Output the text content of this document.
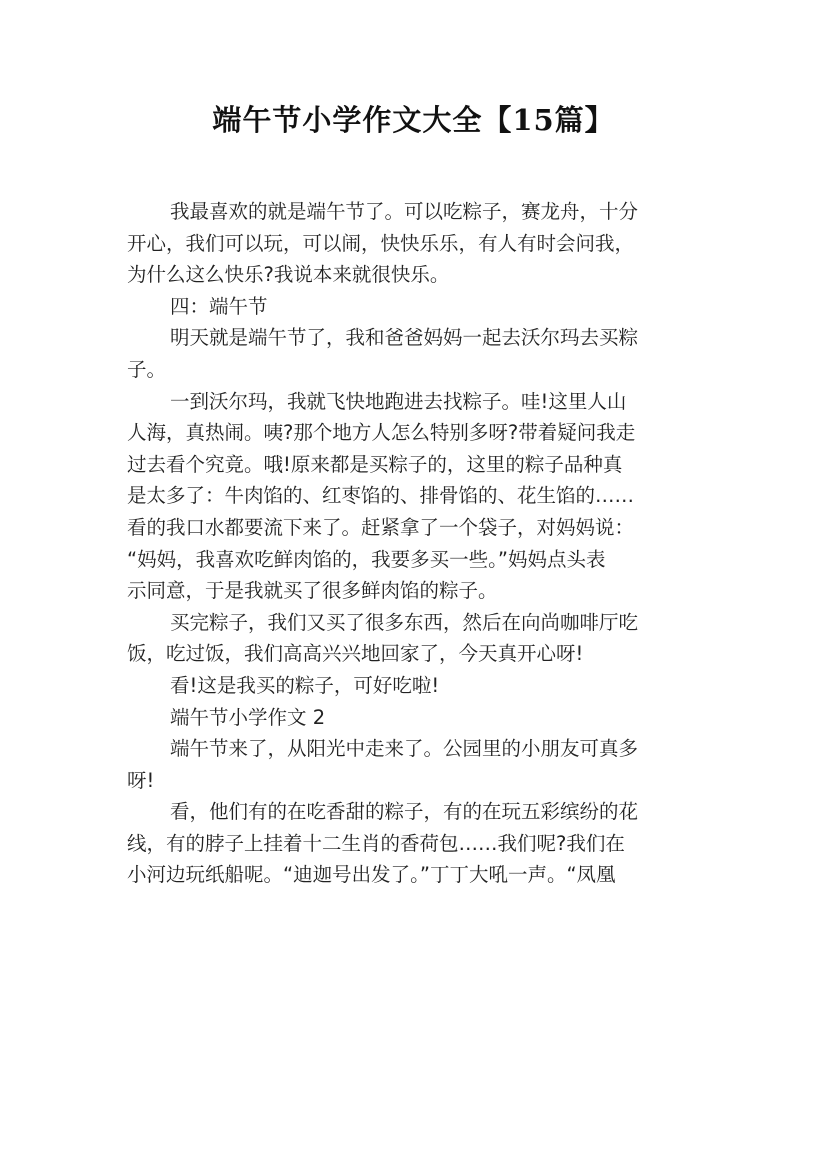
端午节小学作文大全【15篇】
我最喜欢的就是端午节了。可以吃粽子，赛龙舟，十分
开心，我们可以玩，可以闹，快快乐乐，有人有时会问我，
为什么这么快乐?我说本来就很快乐。
四：端午节
明天就是端午节了，我和爸爸妈妈一起去沃尔玛去买粽
子。
一到沃尔玛，我就飞快地跑进去找粽子。哇!这里人山
人海，真热闹。咦?那个地方人怎么特别多呀?带着疑问我走
过去看个究竟。哦!原来都是买粽子的，这里的粽子品种真
是太多了：牛肉馅的、红枣馅的、排骨馅的、花生馅的……
看的我口水都要流下来了。赶紧拿了一个袋子，对妈妈说：
“妈妈，我喜欢吃鲜肉馅的，我要多买一些。”妈妈点头表
示同意，于是我就买了很多鲜肉馅的粽子。
买完粽子，我们又买了很多东西，然后在向尚咖啡厅吃
饭，吃过饭，我们高高兴兴地回家了，今天真开心呀!
看!这是我买的粽子，可好吃啦!
端午节小学作文 2
端午节来了，从阳光中走来了。公园里的小朋友可真多
呀!
看，他们有的在吃香甜的粽子，有的在玩五彩缤纷的花
线，有的脖子上挂着十二生肖的香荷包……我们呢?我们在
小河边玩纸船呢。“迪迦号出发了。”丁丁大吼一声。“凤凰
